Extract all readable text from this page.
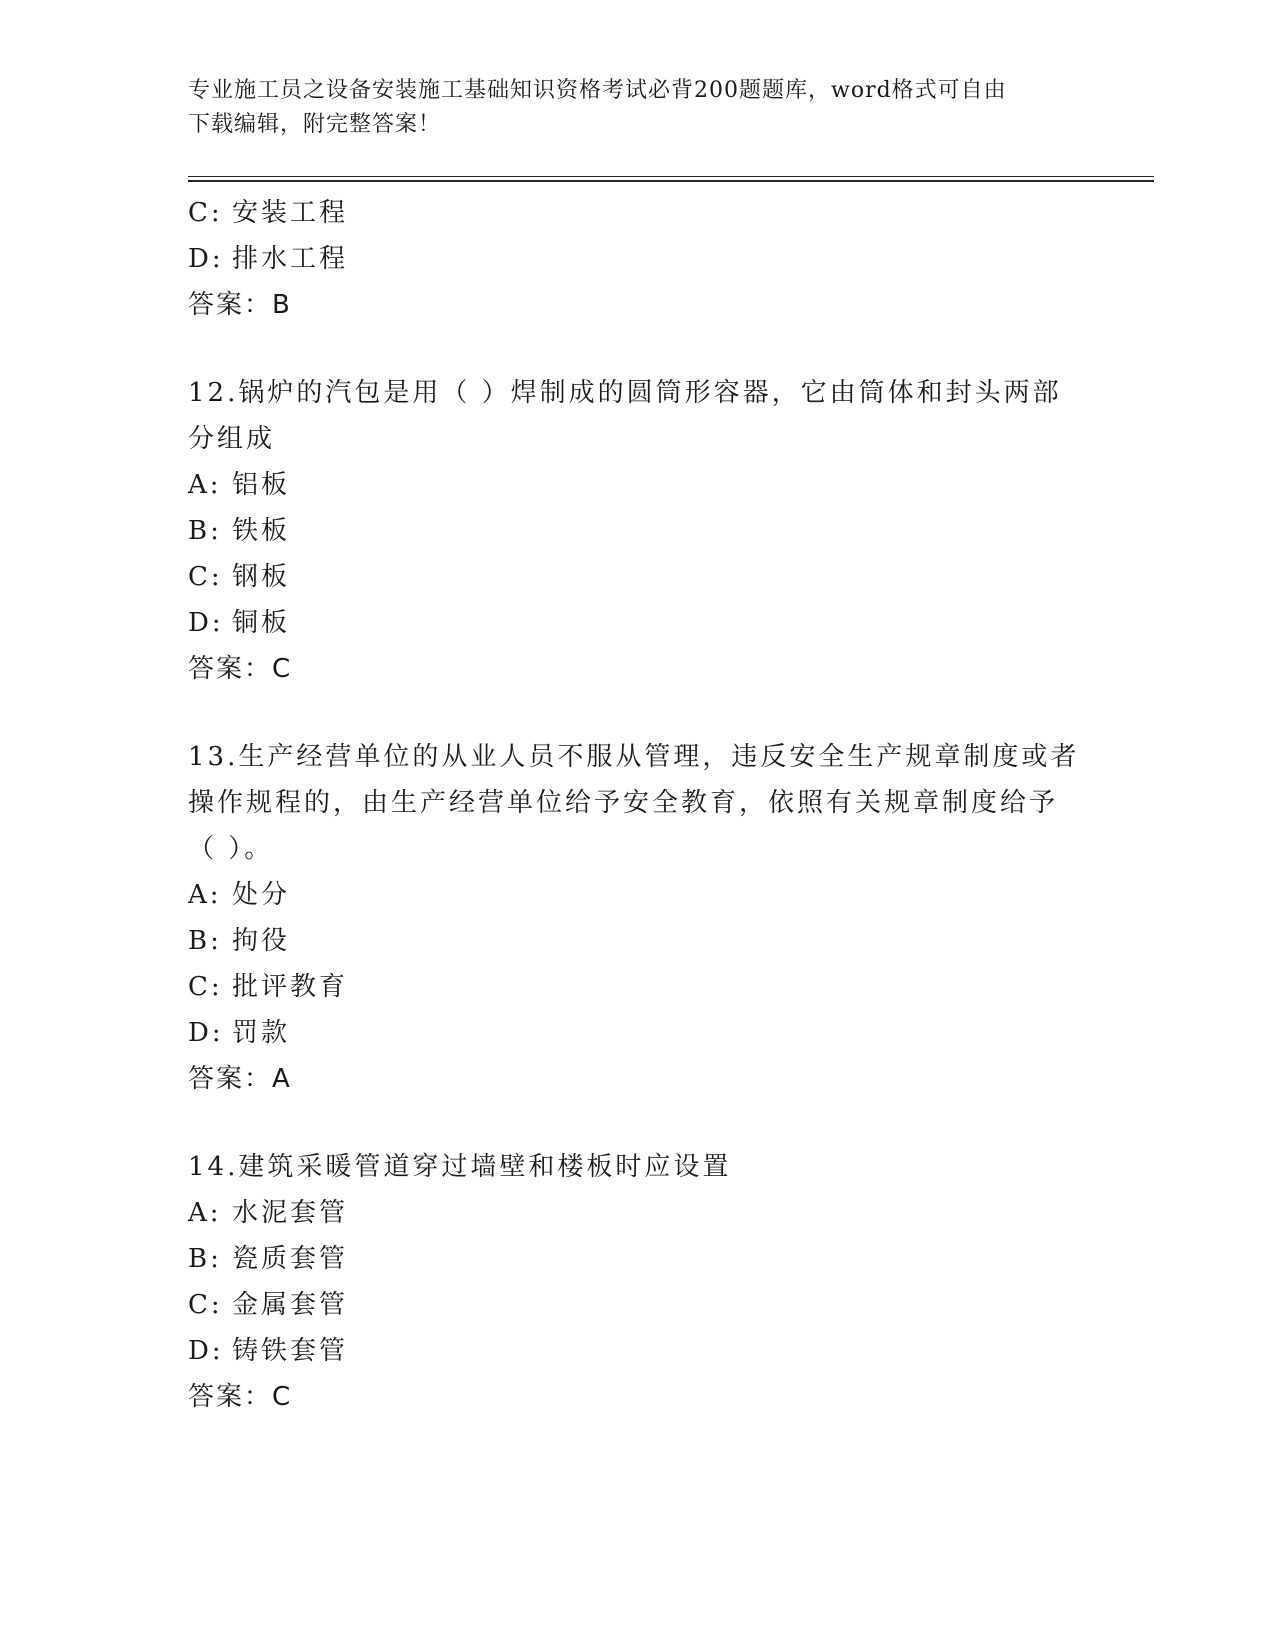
专业施工员之设备安装施工基础知识资格考试必背200题题库，word格式可自由
下载编辑，附完整答案！

C: 安装工程
D: 排水工程
答案：B
12.锅炉的汽包是用（ ）焊制成的圆筒形容器，它由筒体和封头两部
分组成
A: 铝板
B: 铁板
C: 钢板
D: 铜板
答案：C
13.生产经营单位的从业人员不服从管理，违反安全生产规章制度或者
操作规程的，由生产经营单位给予安全教育，依照有关规章制度给予
（ ）。
A: 处分
B: 拘役
C: 批评教育
D: 罚款
答案：A
14.建筑采暖管道穿过墙壁和楼板时应设置
A: 水泥套管
B: 瓷质套管
C: 金属套管
D: 铸铁套管
答案：C
